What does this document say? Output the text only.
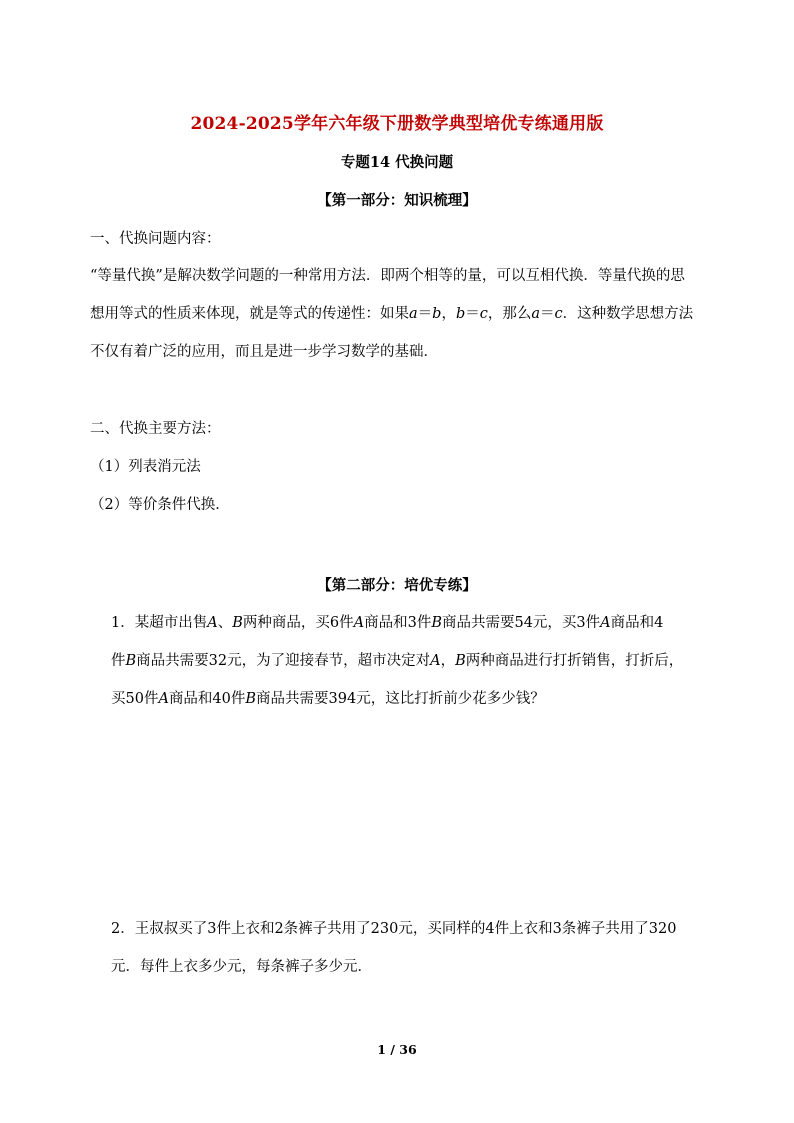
2024-2025学年六年级下册数学典型培优专练通用版
专题14 代换问题
【第一部分：知识梳理】
一、代换问题内容：
“等量代换”是解决数学问题的一种常用方法．即两个相等的量，可以互相代换．等量代换的思
想用等式的性质来体现，就是等式的传递性：如果a＝b，b＝c，那么a＝c．这种数学思想方法
不仅有着广泛的应用，而且是进一步学习数学的基础．
二、代换主要方法：
（1）列表消元法
（2）等价条件代换．
【第二部分：培优专练】
1．某超市出售A、B两种商品，买6件A商品和3件B商品共需要54元，买3件A商品和4
件B商品共需要32元，为了迎接春节，超市决定对A，B两种商品进行打折销售，打折后，
买50件A商品和40件B商品共需要394元，这比打折前少花多少钱？
2．王叔叔买了3件上衣和2条裤子共用了230元，买同样的4件上衣和3条裤子共用了320
元．每件上衣多少元，每条裤子多少元．
1 / 36
